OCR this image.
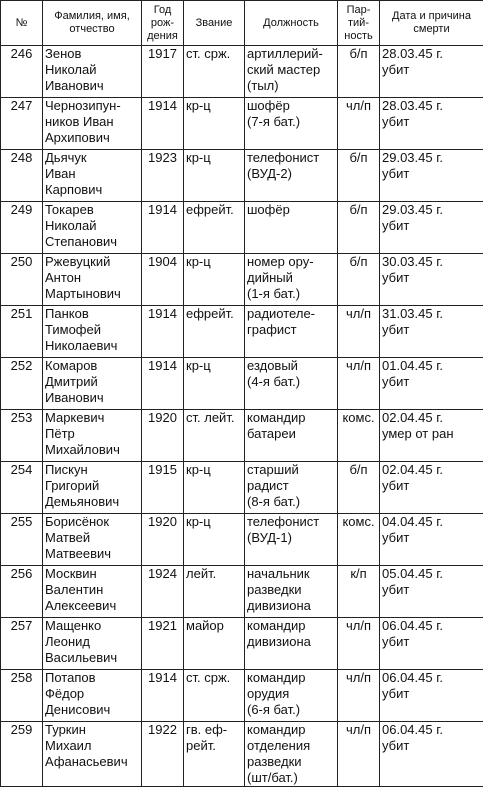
№	Фамилия, имя,
отчество	Год
рож-
дения	Звание	Должность	Пар-
тий-
ность	Дата и причина
смерти
246	Зенов
Николай
Иванович	1917	ст. срж.	артиллерий-
ский мастер
(тыл)	б/п	28.03.45 г.
убит
247	Чернозипун-
ников Иван
Архипович	1914	кр-ц	шофёр
(7-я бат.)	чл/п	28.03.45 г.
убит
248	Дьячук
Иван
Карпович	1923	кр-ц	телефонист
(ВУД-2)	б/п	29.03.45 г.
убит
249	Токарев
Николай
Степанович	1914	ефрейт.	шофёр	б/п	29.03.45 г.
убит
250	Ржевуцкий
Антон
Мартынович	1904	кр-ц	номер ору-
дийный
(1-я бат.)	б/п	30.03.45 г.
убит
251	Панков
Тимофей
Николаевич	1914	ефрейт.	радиотеле-
графист	чл/п	31.03.45 г.
убит
252	Комаров
Дмитрий
Иванович	1914	кр-ц	ездовый
(4-я бат.)	чл/п	01.04.45 г.
убит
253	Маркевич
Пётр
Михайлович	1920	ст. лейт.	командир
батареи	комс.	02.04.45 г.
умер от ран
254	Пискун
Григорий
Демьянович	1915	кр-ц	старший
радист
(8-я бат.)	б/п	02.04.45 г.
убит
255	Борисёнок
Матвей
Матвеевич	1920	кр-ц	телефонист
(ВУД-1)	комс.	04.04.45 г.
убит
256	Москвин
Валентин
Алексеевич	1924	лейт.	начальник
разведки
дивизиона	к/п	05.04.45 г.
убит
257	Мащенко
Леонид
Васильевич	1921	майор	командир
дивизиона	чл/п	06.04.45 г.
убит
258	Потапов
Фёдор
Денисович	1914	ст. срж.	командир
орудия
(6-я бат.)	чл/п	06.04.45 г.
убит
259	Туркин
Михаил
Афанасьевич	1922	гв. еф-
рейт.	командир
отделения
разведки
(шт/бат.)	чл/п	06.04.45 г.
убит
